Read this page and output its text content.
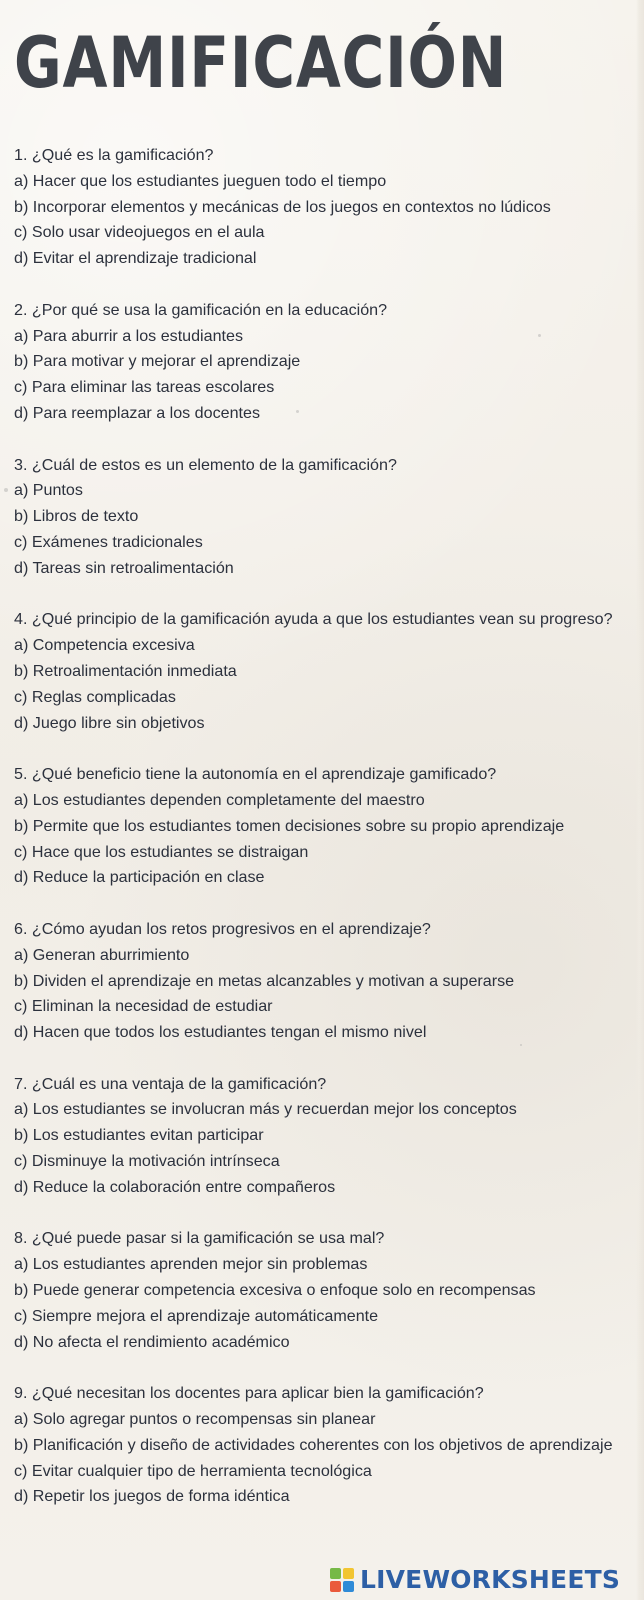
GAMIFICACIÓN
1. ¿Qué es la gamificación?
a) Hacer que los estudiantes jueguen todo el tiempo
b) Incorporar elementos y mecánicas de los juegos en contextos no lúdicos
c) Solo usar videojuegos en el aula
d) Evitar el aprendizaje tradicional
2. ¿Por qué se usa la gamificación en la educación?
a) Para aburrir a los estudiantes
b) Para motivar y mejorar el aprendizaje
c) Para eliminar las tareas escolares
d) Para reemplazar a los docentes
3. ¿Cuál de estos es un elemento de la gamificación?
a) Puntos
b) Libros de texto
c) Exámenes tradicionales
d) Tareas sin retroalimentación
4. ¿Qué principio de la gamificación ayuda a que los estudiantes vean su progreso?
a) Competencia excesiva
b) Retroalimentación inmediata
c) Reglas complicadas
d) Juego libre sin objetivos
5. ¿Qué beneficio tiene la autonomía en el aprendizaje gamificado?
a) Los estudiantes dependen completamente del maestro
b) Permite que los estudiantes tomen decisiones sobre su propio aprendizaje
c) Hace que los estudiantes se distraigan
d) Reduce la participación en clase
6. ¿Cómo ayudan los retos progresivos en el aprendizaje?
a) Generan aburrimiento
b) Dividen el aprendizaje en metas alcanzables y motivan a superarse
c) Eliminan la necesidad de estudiar
d) Hacen que todos los estudiantes tengan el mismo nivel
7. ¿Cuál es una ventaja de la gamificación?
a) Los estudiantes se involucran más y recuerdan mejor los conceptos
b) Los estudiantes evitan participar
c) Disminuye la motivación intrínseca
d) Reduce la colaboración entre compañeros
8. ¿Qué puede pasar si la gamificación se usa mal?
a) Los estudiantes aprenden mejor sin problemas
b) Puede generar competencia excesiva o enfoque solo en recompensas
c) Siempre mejora el aprendizaje automáticamente
d) No afecta el rendimiento académico
9. ¿Qué necesitan los docentes para aplicar bien la gamificación?
a) Solo agregar puntos o recompensas sin planear
b) Planificación y diseño de actividades coherentes con los objetivos de aprendizaje
c) Evitar cualquier tipo de herramienta tecnológica
d) Repetir los juegos de forma idéntica
LIVEWORKSHEETS
